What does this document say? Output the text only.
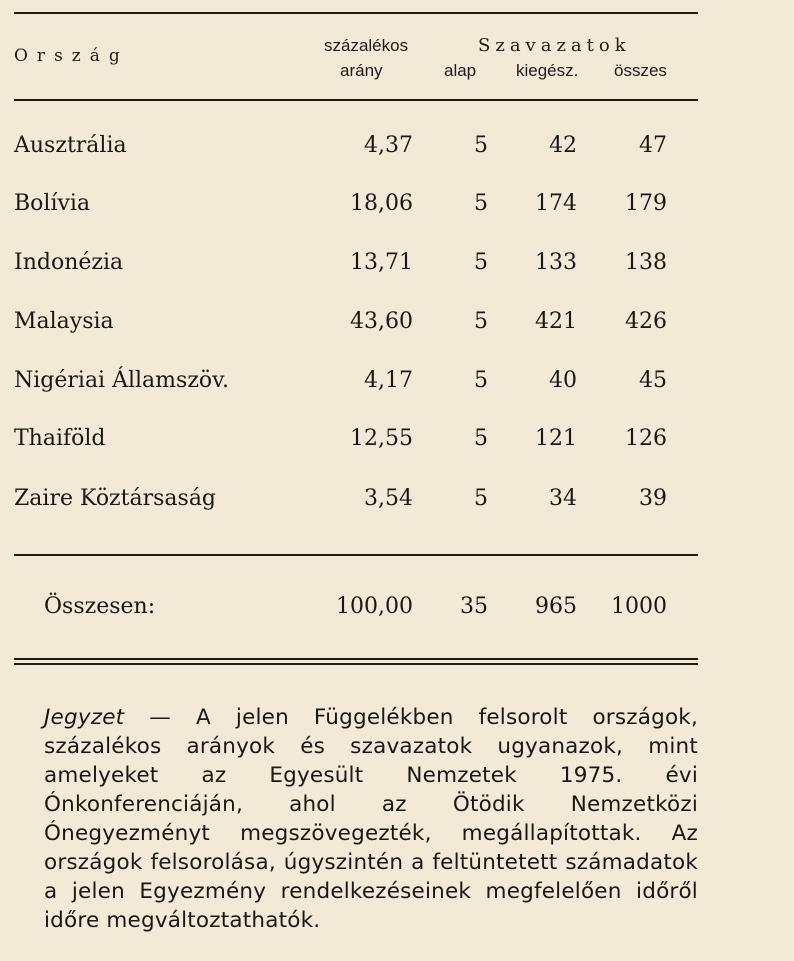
Ország
százalékos
arány
Szavazatok
alap kiegész. összes
Ausztrália	4,37	5	42	47
Bolívia	18,06	5 174 179
Indonézia	13,71	5 133 138
Malaysia	43,60	5 421 426
Nigériai Államszöv.	4,17	5	40	45
Thaiföld	12,55	5 121 126
Zaire Köztársaság	3,54	5	34	39
Összesen:	100,00 35 965 1000
Jegyzet — A jelen Függelékben felsorolt országok, százalékos arányok és szavazatok ugyanazok, mint amelyeket az Egyesült Nemzetek 1975. évi Ónkonferenciáján, ahol az Ötödik Nemzetközi Ónegyezményt megszövegezték, megállapítottak. Az országok felsorolása, úgyszintén a feltüntetett számadatok a jelen Egyezmény rendelkezéseinek megfelelően időről időre megváltoztathatók.
